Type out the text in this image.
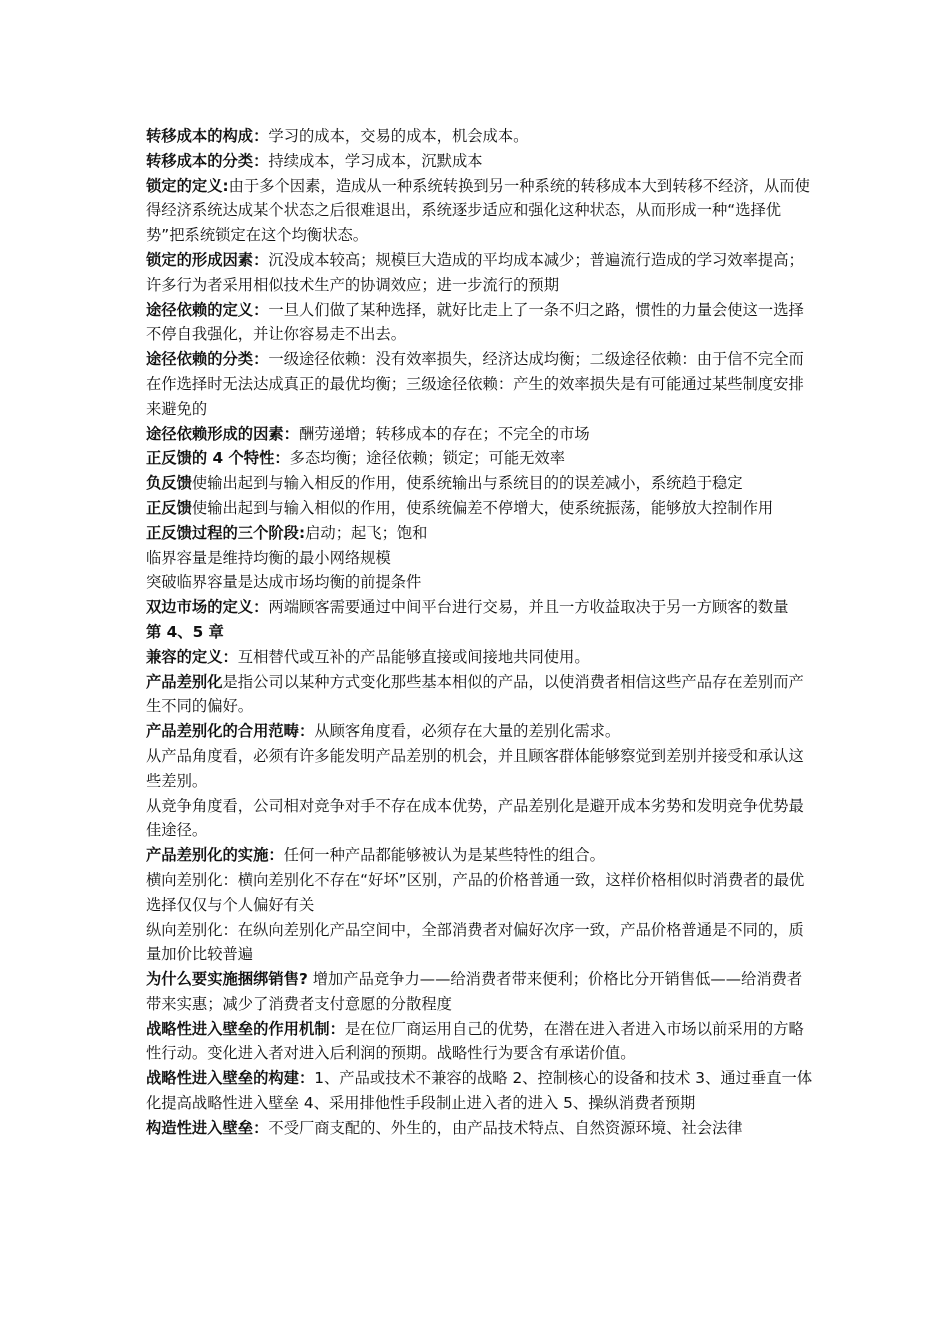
转移成本的构成：学习的成本，交易的成本，机会成本。

转移成本的分类：持续成本，学习成本，沉默成本

锁定的定义:由于多个因素，造成从一种系统转换到另一种系统的转移成本大到转移不经济，从而使得经济系统达成某个状态之后很难退出，系统逐步适应和强化这种状态，从而形成一种“选择优势”把系统锁定在这个均衡状态。

锁定的形成因素：沉没成本较高；规模巨大造成的平均成本减少；普遍流行造成的学习效率提高；许多行为者采用相似技术生产的协调效应；进一步流行的预期

途径依赖的定义：一旦人们做了某种选择，就好比走上了一条不归之路，惯性的力量会使这一选择不停自我强化，并让你容易走不出去。

途径依赖的分类：一级途径依赖：没有效率损失，经济达成均衡；二级途径依赖：由于信不完全而在作选择时无法达成真正的最优均衡；三级途径依赖：产生的效率损失是有可能通过某些制度安排来避免的

途径依赖形成的因素：酬劳递增；转移成本的存在；不完全的市场

正反馈的 4 个特性：多态均衡；途径依赖；锁定；可能无效率

负反馈使输出起到与输入相反的作用，使系统输出与系统目的的误差减小，系统趋于稳定

正反馈使输出起到与输入相似的作用，使系统偏差不停增大，使系统振荡，能够放大控制作用

正反馈过程的三个阶段:启动；起飞；饱和

临界容量是维持均衡的最小网络规模

突破临界容量是达成市场均衡的前提条件

双边市场的定义：两端顾客需要通过中间平台进行交易，并且一方收益取决于另一方顾客的数量

第 4、5 章

兼容的定义：互相替代或互补的产品能够直接或间接地共同使用。

产品差别化是指公司以某种方式变化那些基本相似的产品，以使消费者相信这些产品存在差别而产生不同的偏好。

产品差别化的合用范畴：从顾客角度看，必须存在大量的差别化需求。

从产品角度看，必须有许多能发明产品差别的机会，并且顾客群体能够察觉到差别并接受和承认这些差别。

从竞争角度看，公司相对竞争对手不存在成本优势，产品差别化是避开成本劣势和发明竞争优势最佳途径。

产品差别化的实施：任何一种产品都能够被认为是某些特性的组合。

横向差别化：横向差别化不存在“好坏”区别，产品的价格普通一致，这样价格相似时消费者的最优选择仅仅与个人偏好有关

纵向差别化：在纵向差别化产品空间中，全部消费者对偏好次序一致，产品价格普通是不同的，质量加价比较普遍

为什么要实施捆绑销售? 增加产品竞争力——给消费者带来便利；价格比分开销售低——给消费者带来实惠；减少了消费者支付意愿的分散程度

战略性进入壁垒的作用机制：是在位厂商运用自己的优势，在潜在进入者进入市场以前采用的方略性行动。变化进入者对进入后利润的预期。战略性行为要含有承诺价值。

战略性进入壁垒的构建：1、产品或技术不兼容的战略 2、控制核心的设备和技术 3、通过垂直一体化提高战略性进入壁垒 4、采用排他性手段制止进入者的进入 5、操纵消费者预期

构造性进入壁垒：不受厂商支配的、外生的，由产品技术特点、自然资源环境、社会法律
